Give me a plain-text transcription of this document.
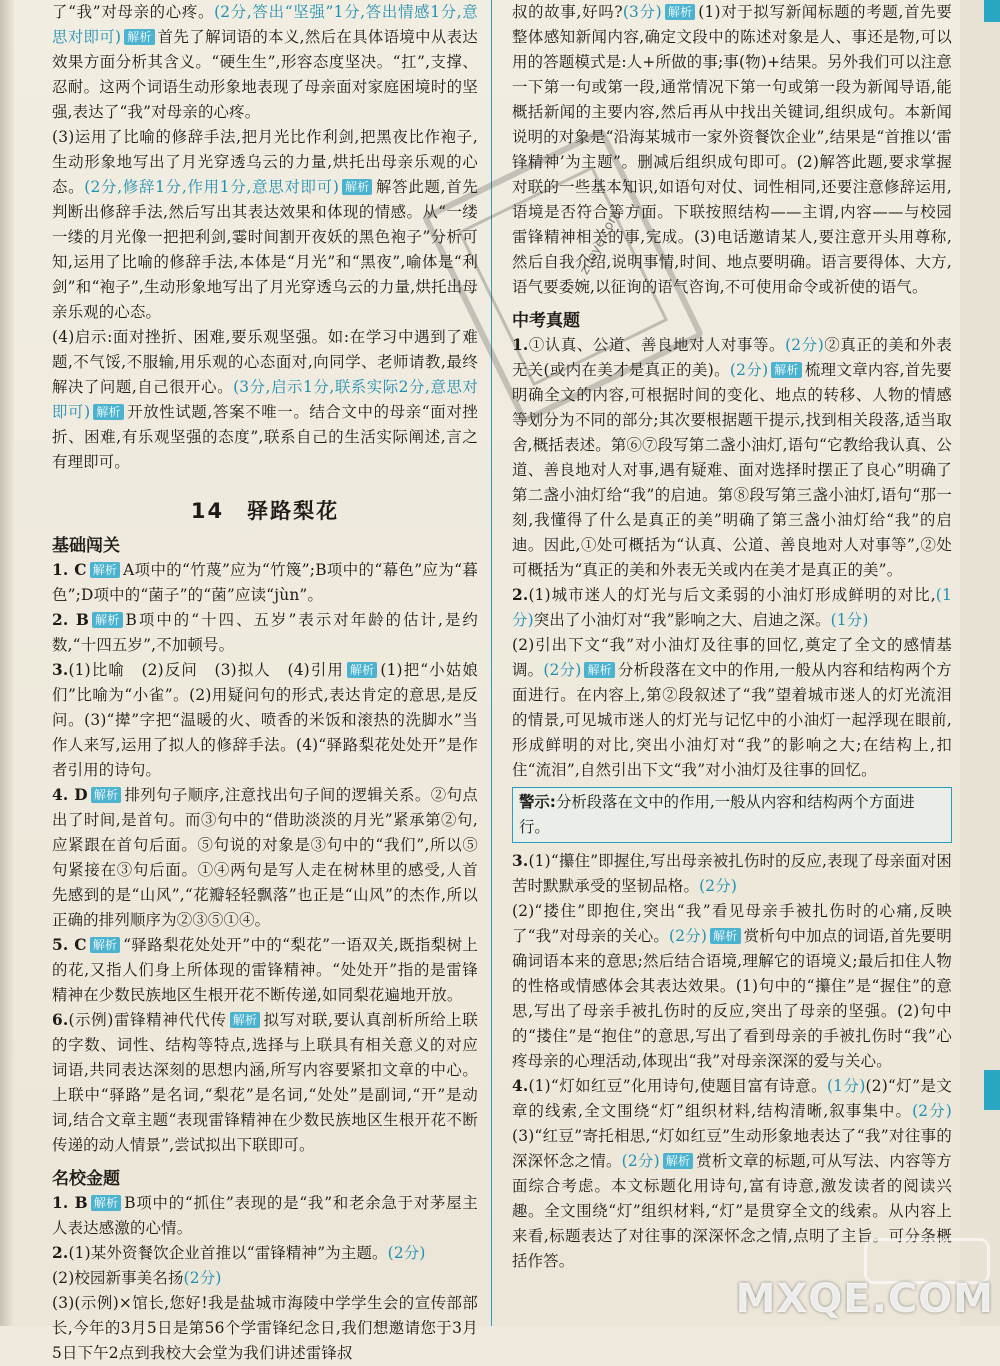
了“我”对母亲的心疼。(2分,答出“坚强”1分,答出情感1分,意思对即可) 解析 首先了解词语的本义,然后在具体语境中从表达效果方面分析其含义。“硬生生”,形容态度坚决。“扛”,支撑、忍耐。这两个词语生动形象地表现了母亲面对家庭困境时的坚强,表达了“我”对母亲的心疼。

(3)运用了比喻的修辞手法,把月光比作利剑,把黑夜比作袍子,生动形象地写出了月光穿透乌云的力量,烘托出母亲乐观的心态。(2分,修辞1分,作用1分,意思对即可) 解析 解答此题,首先判断出修辞手法,然后写出其表达效果和体现的情感。从“一缕一缕的月光像一把把利剑,霎时间割开夜妖的黑色袍子”分析可知,运用了比喻的修辞手法,本体是“月光”和“黑夜”,喻体是“利剑”和“袍子”,生动形象地写出了月光穿透乌云的力量,烘托出母亲乐观的心态。

(4)启示:面对挫折、困难,要乐观坚强。如:在学习中遇到了难题,不气馁,不服输,用乐观的心态面对,向同学、老师请教,最终解决了问题,自己很开心。(3分,启示1分,联系实际2分,意思对即可) 解析 开放性试题,答案不唯一。结合文中的母亲“面对挫折、困难,有乐观坚强的态度”,联系自己的生活实际阐述,言之有理即可。

14　驿路梨花
基础闯关

1. C 解析 A项中的“竹蔑”应为“竹篾”;B项中的“幕色”应为“暮色”;D项中的“菌子”的“菌”应读“jùn”。

2. B 解析 B项中的“十四、五岁”表示对年龄的估计,是约数,“十四五岁”,不加顿号。

3.(1)比喻　(2)反问　(3)拟人　(4)引用 解析 (1)把“小姑娘们”比喻为“小雀”。(2)用疑问句的形式,表达肯定的意思,是反问。(3)“撵”字把“温暖的火、喷香的米饭和滚热的洗脚水”当作人来写,运用了拟人的修辞手法。(4)“驿路梨花处处开”是作者引用的诗句。

4. D 解析 排列句子顺序,注意找出句子间的逻辑关系。②句点出了时间,是首句。而③句中的“借助淡淡的月光”紧承第②句,应紧跟在首句后面。⑤句说的对象是③句中的“我们”,所以⑤句紧接在③句后面。①④两句是写人走在树林里的感受,人首先感到的是“山风”,“花瓣轻轻飘落”也正是“山风”的杰作,所以正确的排列顺序为②③⑤①④。

5. C 解析 “驿路梨花处处开”中的“梨花”一语双关,既指梨树上的花,又指人们身上所体现的雷锋精神。“处处开”指的是雷锋精神在少数民族地区生根开花不断传递,如同梨花遍地开放。

6.(示例)雷锋精神代代传 解析 拟写对联,要认真剖析所给上联的字数、词性、结构等特点,选择与上联具有相关意义的对应词语,共同表达深刻的思想内涵,所写内容要紧扣文章的中心。上联中“驿路”是名词,“梨花”是名词,“处处”是副词,“开”是动词,结合文章主题“表现雷锋精神在少数民族地区生根开花不断传递的动人情景”,尝试拟出下联即可。

名校金题

1. B 解析 B项中的“抓住”表现的是“我”和老余急于对茅屋主人表达感激的心情。

2.(1)某外资餐饮企业首推以“雷锋精神”为主题。(2分)

(2)校园新事美名扬(2分)

(3)(示例)×馆长,您好!我是盐城市海陵中学学生会的宣传部部长,今年的3月5日是第56个学雷锋纪念日,我们想邀请您于3月5日下午2点到我校大会堂为我们讲述雷锋叔

叔的故事,好吗?(3分) 解析 (1)对于拟写新闻标题的考题,首先要整体感知新闻内容,确定文段中的陈述对象是人、事还是物,可以用的答题模式是:人+所做的事;事(物)+结果。另外我们可以注意一下第一句或第一段,通常情况下第一句或第一段为新闻导语,能概括新闻的主要内容,然后再从中找出关键词,组织成句。本新闻说明的对象是“沿海某城市一家外资餐饮企业”,结果是“首推以‘雷锋精神’为主题”。删减后组织成句即可。(2)解答此题,要求掌握对联的一些基本知识,如语句对仗、词性相同,还要注意修辞运用,语境是否符合等方面。下联按照结构——主谓,内容——与校园雷锋精神相关的事,完成。(3)电话邀请某人,要注意开头用尊称,然后自我介绍,说明事情,时间、地点要明确。语言要得体、大方,语气要委婉,以征询的语气咨询,不可使用命令或祈使的语气。

中考真题

1.①认真、公道、善良地对人对事等。(2分)②真正的美和外表无关(或内在美才是真正的美)。(2分) 解析 梳理文章内容,首先要明确全文的内容,可根据时间的变化、地点的转移、人物的情感等划分为不同的部分;其次要根据题干提示,找到相关段落,适当取舍,概括表述。第⑥⑦段写第二盏小油灯,语句“它教给我认真、公道、善良地对人对事,遇有疑难、面对选择时摆正了良心”明确了第二盏小油灯给“我”的启迪。第⑧段写第三盏小油灯,语句“那一刻,我懂得了什么是真正的美”明确了第三盏小油灯给“我”的启迪。因此,①处可概括为“认真、公道、善良地对人对事等”,②处可概括为“真正的美和外表无关或内在美才是真正的美”。

2.(1)城市迷人的灯光与后文柔弱的小油灯形成鲜明的对比,(1分)突出了小油灯对“我”影响之大、启迪之深。(1分)

(2)引出下文“我”对小油灯及往事的回忆,奠定了全文的感情基调。(2分) 解析 分析段落在文中的作用,一般从内容和结构两个方面进行。在内容上,第②段叙述了“我”望着城市迷人的灯光流泪的情景,可见城市迷人的灯光与记忆中的小油灯一起浮现在眼前,形成鲜明的对比,突出小油灯对“我”的影响之大;在结构上,扣住“流泪”,自然引出下文“我”对小油灯及往事的回忆。

警示:分析段落在文中的作用,一般从内容和结构两个方面进行。

3.(1)“攥住”即握住,写出母亲被扎伤时的反应,表现了母亲面对困苦时默默承受的坚韧品格。(2分)

(2)“搂住”即抱住,突出“我”看见母亲手被扎伤时的心痛,反映了“我”对母亲的关心。(2分) 解析 赏析句中加点的词语,首先要明确词语本来的意思;然后结合语境,理解它的语境义;最后扣住人物的性格或情感体会其表达效果。(1)句中的“攥住”是“握住”的意思,写出了母亲手被扎伤时的反应,突出了母亲的坚强。(2)句中的“搂住”是“抱住”的意思,写出了看到母亲的手被扎伤时“我”心疼母亲的心理活动,体现出“我”对母亲深深的爱与关心。

4.(1)“灯如红豆”化用诗句,使题目富有诗意。(1分)(2)“灯”是文章的线索,全文围绕“灯”组织材料,结构清晰,叙事集中。(2分)(3)“红豆”寄托相思,“灯如红豆”生动形象地表达了“我”对往事的深深怀念之情。(2分) 解析 赏析文章的标题,可从写法、内容等方面综合考虑。本文标题化用诗句,富有诗意,激发读者的阅读兴趣。全文围绕“灯”组织材料,“灯”是贯穿全文的线索。从内容上来看,标题表达了对往事的深深怀念之情,点明了主旨。可分条概括作答。

zuoye.com
MXQE.COM
